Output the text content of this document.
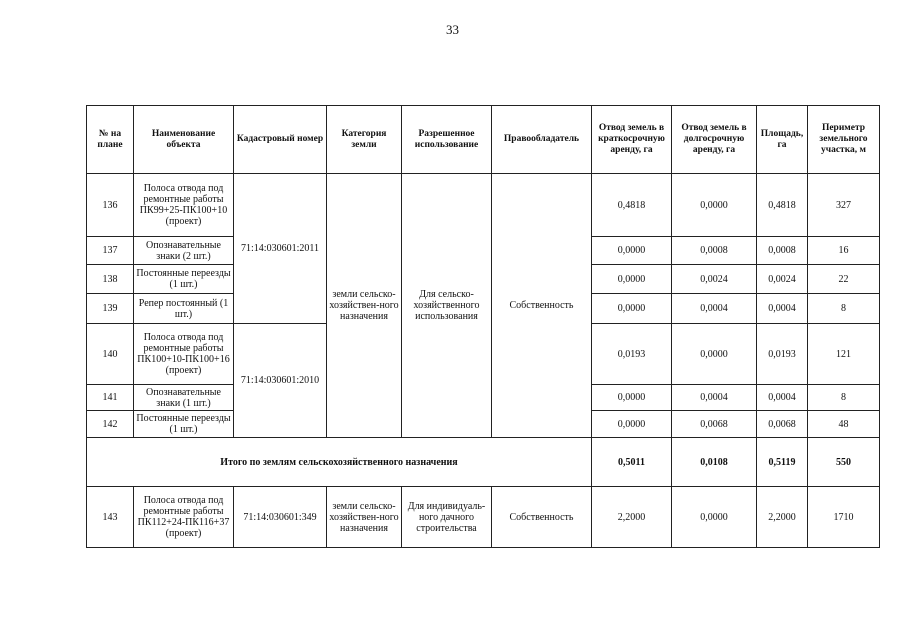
33
№ на плане	Наименование объекта	Кадастровый номер	Категория земли	Разрешенное использование	Правообладатель	Отвод земель в краткосрочную аренду, га	Отвод земель в долгосрочную аренду, га	Площадь, га	Периметр земельного участка, м
136	Полоса отвода под ремонтные работы ПК99+25-ПК100+10 (проект)	71:14:030601:2011	земли сельско-хозяйствен-ного назначения	Для сельско-хозяйственного использования	Собственность	0,4818	0,0000	0,4818	327
137	Опознавательные знаки (2 шт.)					0,0000	0,0008	0,0008	16
138	Постоянные переезды (1 шт.)					0,0000	0,0024	0,0024	22
139	Репер постоянный (1 шт.)					0,0000	0,0004	0,0004	8
140	Полоса отвода под ремонтные работы ПК100+10-ПК100+16 (проект)	71:14:030601:2010				0,0193	0,0000	0,0193	121
141	Опознавательные знаки (1 шт.)					0,0000	0,0004	0,0004	8
142	Постоянные переезды (1 шт.)					0,0000	0,0068	0,0068	48
Итого по землям сельскохозяйственного назначения						0,5011	0,0108	0,5119	550
143	Полоса отвода под ремонтные работы ПК112+24-ПК116+37 (проект)	71:14:030601:349	земли сельско-хозяйствен-ного назначения	Для индивидуаль-ного дачного строительства	Собственность	2,2000	0,0000	2,2000	1710
